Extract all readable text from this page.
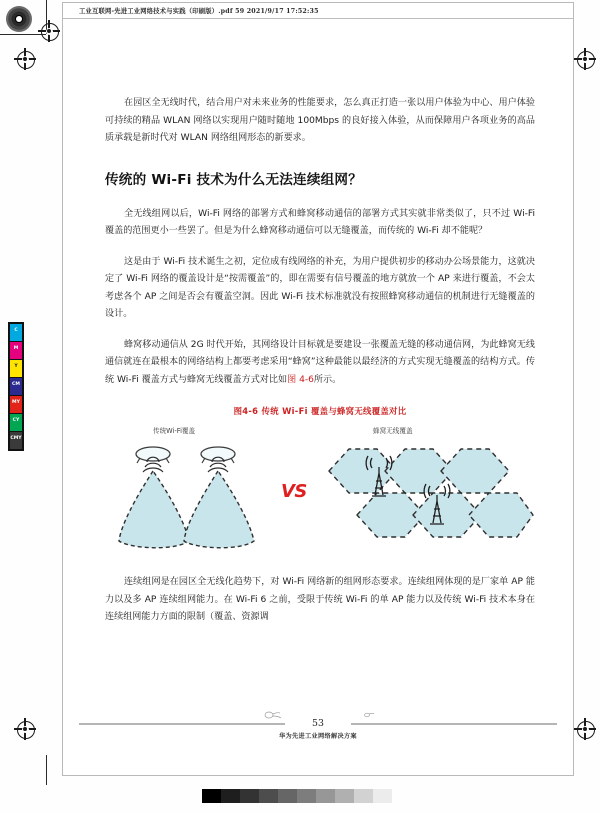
C
M
Y
CM
MY
CY
CMY
工业互联网-先进工业网络技术与实践（印刷版）.pdf 59 2021/9/17 17:52:35

在园区全无线时代，结合用户对未来业务的性能要求，怎么真正打造一张以用户体验为中心、用户体验可持续的精品 WLAN 网络以实现用户随时随地 100Mbps 的良好接入体验，从而保障用户各项业务的高品质承载是新时代对 WLAN 网络组网形态的新要求。

传统的 Wi-Fi 技术为什么无法连续组网？

全无线组网以后，Wi-Fi 网络的部署方式和蜂窝移动通信的部署方式其实就非常类似了，只不过 Wi-Fi 覆盖的范围更小一些罢了。但是为什么蜂窝移动通信可以无缝覆盖，而传统的 Wi-Fi 却不能呢？

这是由于 Wi-Fi 技术诞生之初，定位成有线网络的补充，为用户提供初步的移动办公场景能力，这就决定了 Wi-Fi 网络的覆盖设计是“按需覆盖”的，即在需要有信号覆盖的地方就放一个 AP 来进行覆盖，不会太考虑各个 AP 之间是否会有覆盖空洞。因此 Wi-Fi 技术标准就没有按照蜂窝移动通信的机制进行无缝覆盖的设计。

蜂窝移动通信从 2G 时代开始，其网络设计目标就是要建设一张覆盖无缝的移动通信网，为此蜂窝无线通信就连在最根本的网络结构上都要考虑采用“蜂窝”这种最能以最经济的方式实现无缝覆盖的结构方式。传统 Wi-Fi 覆盖方式与蜂窝无线覆盖方式对比如图 4-6所示。

图4-6 传统 Wi-Fi 覆盖与蜂窝无线覆盖对比
传统Wi-Fi覆盖	蜂窝无线覆盖
VS

连续组网是在园区全无线化趋势下，对 Wi-Fi 网络新的组网形态要求。连续组网体现的是厂家单 AP 能力以及多 AP 连续组网能力。在 Wi-Fi 6 之前，受限于传统 Wi-Fi 的单 AP 能力以及传统 Wi-Fi 技术本身在连续组网能力方面的限制（覆盖、资源调

53
华为先进工业网络解决方案
